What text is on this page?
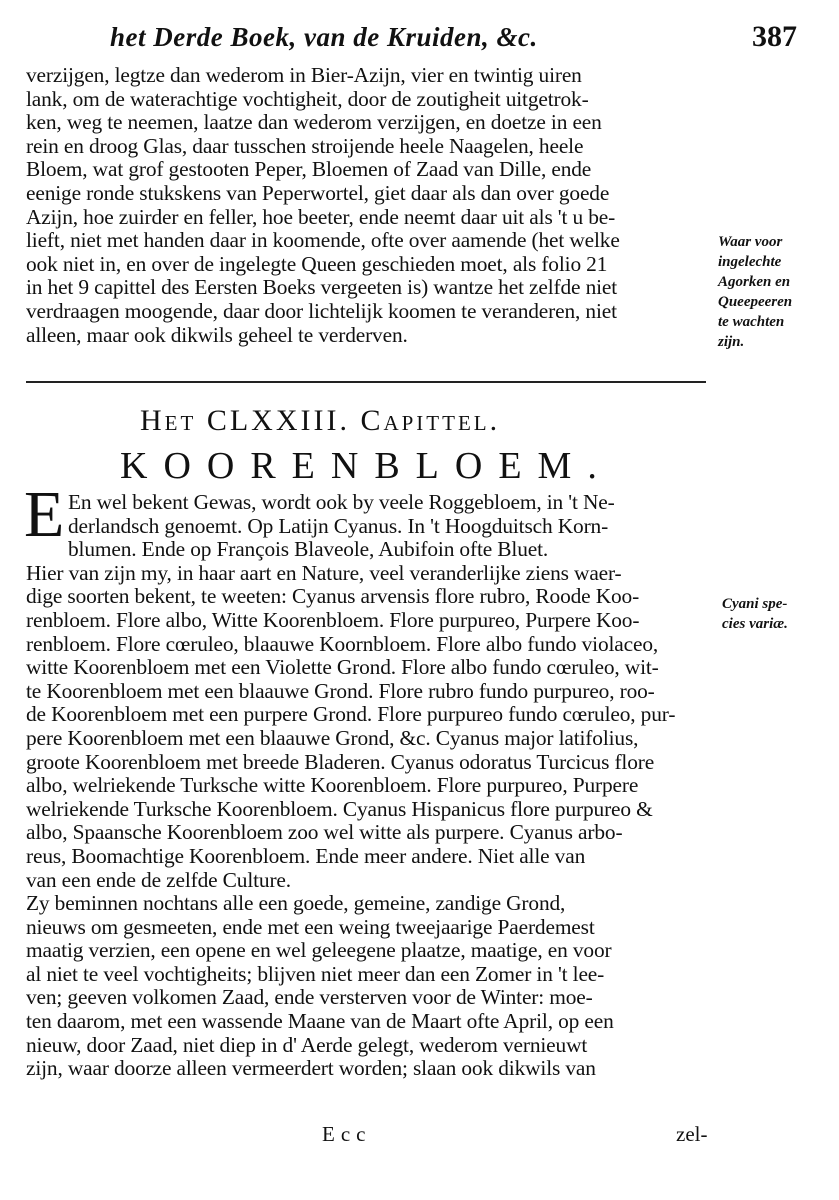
het Derde Boek, van de Kruiden, &c.	387
verzijgen, legtze dan wederom in Bier-Azijn, vier en twintig uiren
lank, om de waterachtige vochtigheit, door de zoutigheit uitgetrok-
ken, weg te neemen, laatze dan wederom verzijgen, en doetze in een
rein en droog Glas, daar tusschen stroijende heele Naagelen, heele
Bloem, wat grof gestooten Peper, Bloemen of Zaad van Dille, ende
eenige ronde stukskens van Peperwortel, giet daar als dan over goede
Azijn, hoe zuirder en feller, hoe beeter, ende neemt daar uit als 't u be-
lieft, niet met handen daar in koomende, ofte over aamende (het welke
ook niet in, en over de ingelegte Queen geschieden moet, als folio 21
in het 9 capittel des Eersten Boeks vergeeten is) wantze het zelfde niet
verdraagen moogende, daar door lichtelijk koomen te veranderen, niet
alleen, maar ook dikwils geheel te verderven.
Waar voor
ingelechte
Agorken en
Queepeeren
te wachten
zijn.
Het CLXXIII. Capittel.
KOORENBLOEM.
E En wel bekent Gewas, wordt ook by veele Roggebloem, in 't Ne-
derlandsch genoemt. Op Latijn Cyanus. In 't Hoogduitsch Korn-
blumen. Ende op François Blaveole, Aubifoin ofte Bluet.
Hier van zijn my, in haar aart en Nature, veel veranderlijke ziens waer-
dige soorten bekent, te weeten: Cyanus arvensis flore rubro, Roode Koo-
renbloem. Flore albo, Witte Koorenbloem. Flore purpureo, Purpere Koo-
renbloem. Flore cœruleo, blaauwe Koornbloem. Flore albo fundo violaceo,
witte Koorenbloem met een Violette Grond. Flore albo fundo cœruleo, wit-
te Koorenbloem met een blaauwe Grond. Flore rubro fundo purpureo, roo-
de Koorenbloem met een purpere Grond. Flore purpureo fundo cœruleo, pur-
pere Koorenbloem met een blaauwe Grond, &c. Cyanus major latifolius,
groote Koorenbloem met breede Bladeren. Cyanus odoratus Turcicus flore
albo, welriekende Turksche witte Koorenbloem. Flore purpureo, Purpere
welriekende Turksche Koorenbloem. Cyanus Hispanicus flore purpureo &
albo, Spaansche Koorenbloem zoo wel witte als purpere. Cyanus arbo-
reus, Boomachtige Koorenbloem. Ende meer andere. Niet alle van
van een ende de zelfde Culture.
Zy beminnen nochtans alle een goede, gemeine, zandige Grond,
nieuws om gesmeeten, ende met een weing tweejaarige Paerdemest
maatig verzien, een opene en wel geleegene plaatze, maatige, en voor
al niet te veel vochtigheits; blijven niet meer dan een Zomer in 't lee-
ven; geeven volkomen Zaad, ende versterven voor de Winter: moe-
ten daarom, met een wassende Maane van de Maart ofte April, op een
nieuw, door Zaad, niet diep in d' Aerde gelegt, wederom vernieuwt
zijn, waar doorze alleen vermeerdert worden; slaan ook dikwils van
Cyani spe-
cies variæ.
Ecc	zel-
